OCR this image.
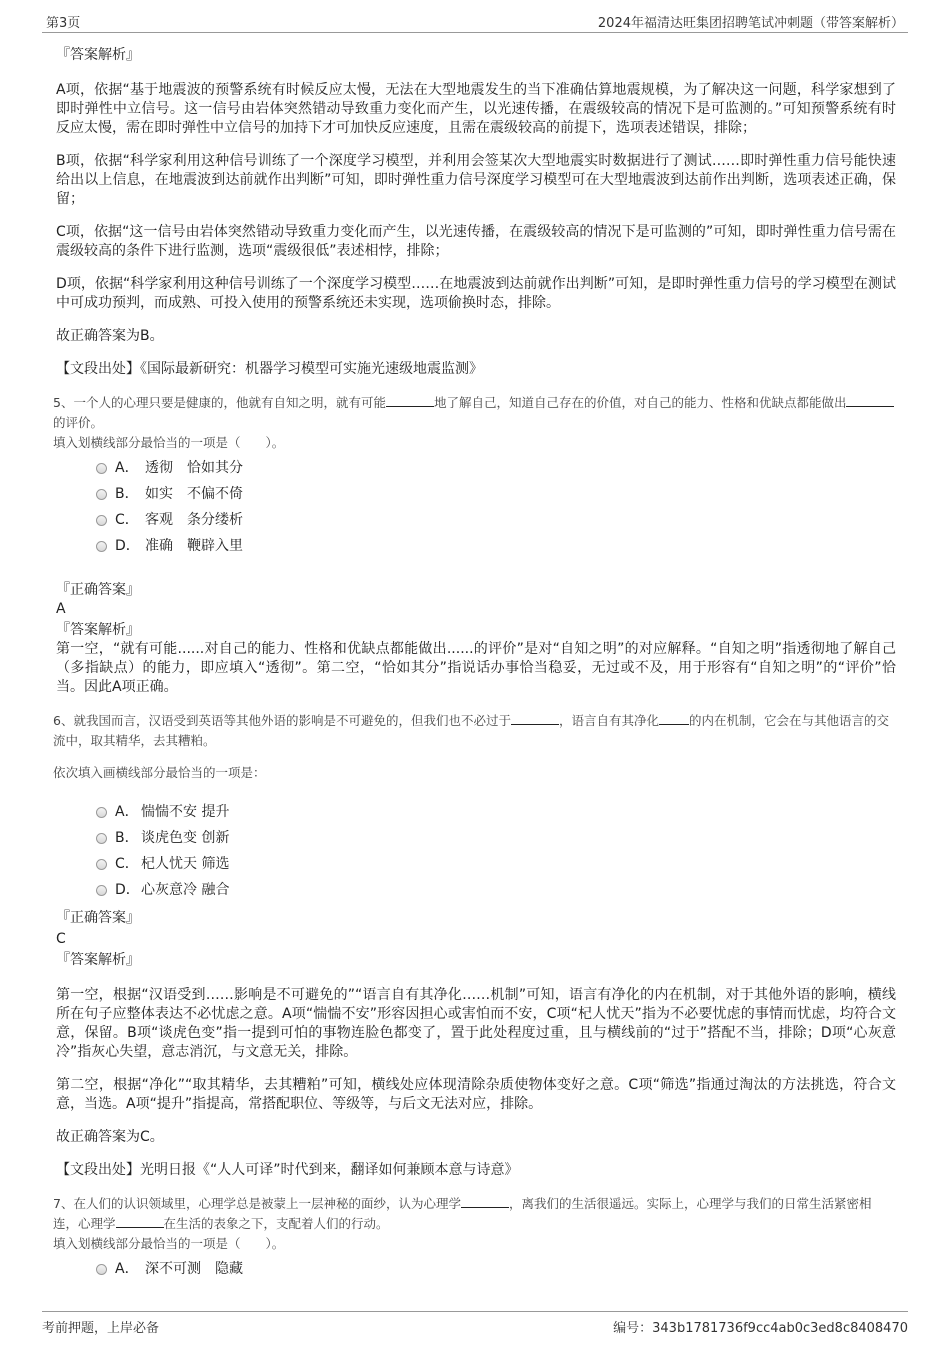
第3页	2024年福清达旺集团招聘笔试冲刺题（带答案解析）

『答案解析』

A项，依据“基于地震波的预警系统有时候反应太慢，无法在大型地震发生的当下准确估算地震规模，为了解决这一问题，科学家想到了即时弹性中立信号。这一信号由岩体突然错动导致重力变化而产生，以光速传播，在震级较高的情况下是可监测的。”可知预警系统有时反应太慢，需在即时弹性中立信号的加持下才可加快反应速度，且需在震级较高的前提下，选项表述错误，排除；

B项，依据“科学家利用这种信号训练了一个深度学习模型，并利用会签某次大型地震实时数据进行了测试……即时弹性重力信号能快速给出以上信息，在地震波到达前就作出判断”可知，即时弹性重力信号深度学习模型可在大型地震波到达前作出判断，选项表述正确，保留；

C项，依据“这一信号由岩体突然错动导致重力变化而产生，以光速传播，在震级较高的情况下是可监测的”可知，即时弹性重力信号需在震级较高的条件下进行监测，选项“震级很低”表述相悖，排除；

D项，依据“科学家利用这种信号训练了一个深度学习模型……在地震波到达前就作出判断”可知，是即时弹性重力信号的学习模型在测试中可成功预判，而成熟、可投入使用的预警系统还未实现，选项偷换时态，排除。

故正确答案为B。

【文段出处】《国际最新研究：机器学习模型可实施光速级地震监测》

5、一个人的心理只要是健康的，他就有自知之明，就有可能	地了解自己，知道自己存在的价值，对自己的能力、性格和优缺点都能做出的评价。

填入划横线部分最恰当的一项是（　　）。

A． 透彻　恰如其分
B． 如实　不偏不倚
C． 客观　条分缕析
D． 准确　鞭辟入里

『正确答案』

A

『答案解析』

第一空，“就有可能......对自己的能力、性格和优缺点都能做出......的评价”是对“自知之明”的对应解释。“自知之明”指透彻地了解自己（多指缺点）的能力，即应填入“透彻”。第二空，“恰如其分”指说话办事恰当稳妥，无过或不及，用于形容有“自知之明”的“评价”恰当。因此A项正确。

6、就我国而言，汉语受到英语等其他外语的影响是不可避免的，但我们也不必过于	，语言自有其净化 的内在机制，它会在与其他语言的交流中，取其精华，去其糟粕。

依次填入画横线部分最恰当的一项是：

A． 惴惴不安 提升
B． 谈虎色变 创新
C． 杞人忧天 筛选
D．心灰意冷 融合

『正确答案』

C

『答案解析』

第一空，根据“汉语受到……影响是不可避免的”“语言自有其净化……机制”可知，语言有净化的内在机制，对于其他外语的影响，横线所在句子应整体表达不必忧虑之意。A项“惴惴不安”形容因担心或害怕而不安，C项“杞人忧天”指为不必要忧虑的事情而忧虑，均符合文意，保留。B项“谈虎色变”指一提到可怕的事物连脸色都变了，置于此处程度过重，且与横线前的“过于”搭配不当，排除；D项“心灰意冷”指灰心失望，意志消沉，与文意无关，排除。

第二空，根据“净化”“取其精华，去其糟粕”可知，横线处应体现清除杂质使物体变好之意。C项“筛选”指通过淘汰的方法挑选，符合文意，当选。A项“提升”指提高，常搭配职位、等级等，与后文无法对应，排除。

故正确答案为C。

【文段出处】光明日报《“人人可译”时代到来，翻译如何兼顾本意与诗意》

7、在人们的认识领域里，心理学总是被蒙上一层神秘的面纱，认为心理学	，离我们的生活很遥远。实际上，心理学与我们的日常生活紧密相连，心理学	在生活的表象之下，支配着人们的行动。

填入划横线部分最恰当的一项是（　　）。

A． 深不可测　隐藏
考前押题，上岸必备	编号：343b1781736f9cc4ab0c3ed8c8408470
